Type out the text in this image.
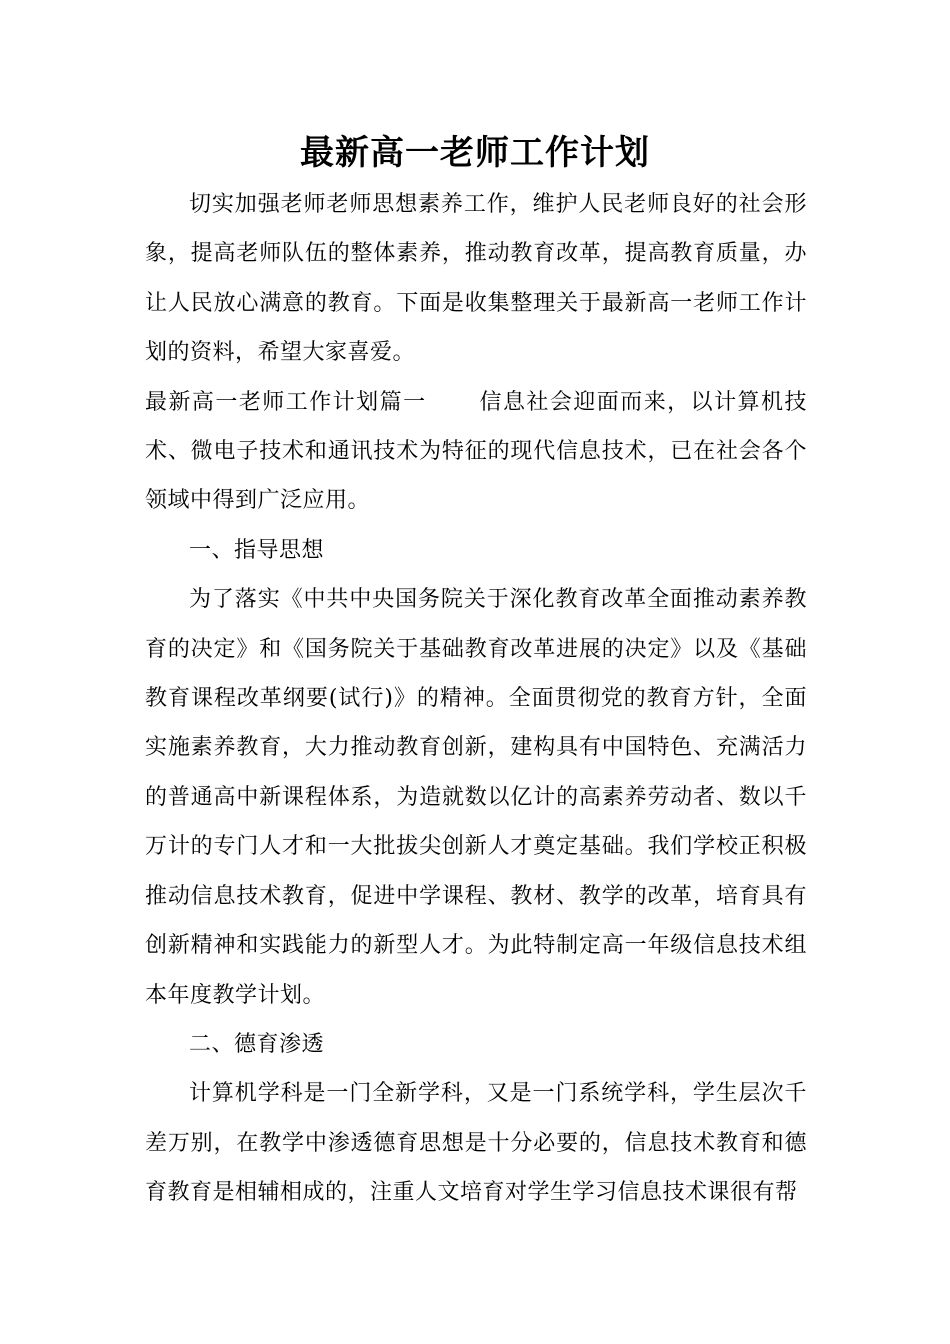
最新高一老师工作计划

切实加强老师老师思想素养工作，维护人民老师良好的社会形象，提高老师队伍的整体素养，推动教育改革，提高教育质量，办让人民放心满意的教育。下面是收集整理关于最新高一老师工作计划的资料，希望大家喜爱。

最新高一老师工作计划篇一 信息社会迎面而来，以计算机技术、微电子技术和通讯技术为特征的现代信息技术，已在社会各个领域中得到广泛应用。

一、指导思想

为了落实《中共中央国务院关于深化教育改革全面推动素养教育的决定》和《国务院关于基础教育改革进展的决定》以及《基础教育课程改革纲要(试行)》的精神。全面贯彻党的教育方针，全面实施素养教育，大力推动教育创新，建构具有中国特色、充满活力的普通高中新课程体系，为造就数以亿计的高素养劳动者、数以千万计的专门人才和一大批拔尖创新人才奠定基础。我们学校正积极推动信息技术教育，促进中学课程、教材、教学的改革，培育具有创新精神和实践能力的新型人才。为此特制定高一年级信息技术组本年度教学计划。

二、德育渗透

计算机学科是一门全新学科，又是一门系统学科，学生层次千差万别，在教学中渗透德育思想是十分必要的，信息技术教育和德育教育是相辅相成的，注重人文培育对学生学习信息技术课很有帮
